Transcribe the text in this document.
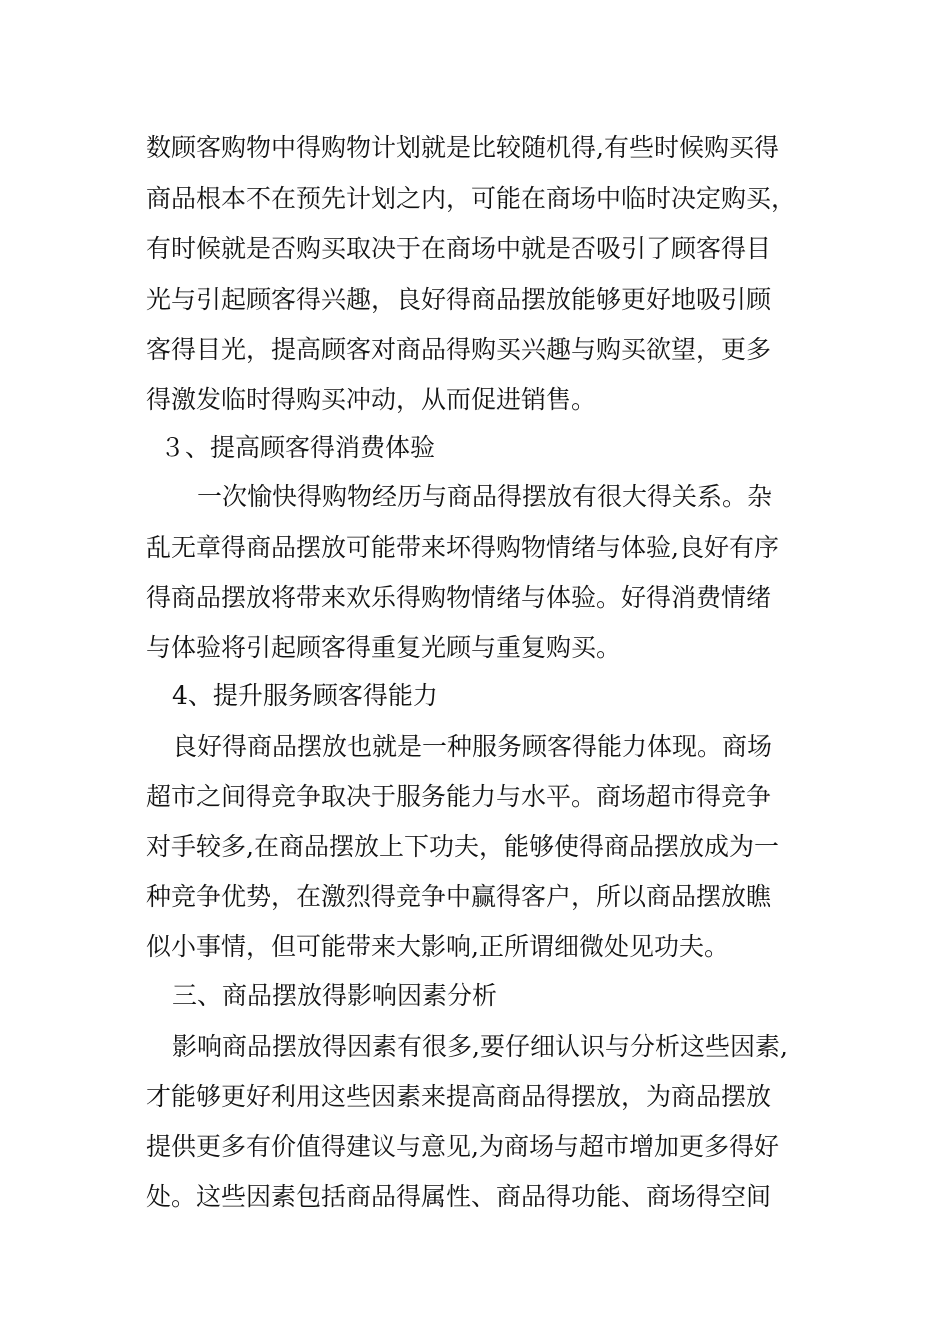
数顾客购物中得购物计划就是比较随机得,有些时候购买得
商品根本不在预先计划之内，可能在商场中临时决定购买，
有时候就是否购买取决于在商场中就是否吸引了顾客得目
光与引起顾客得兴趣，良好得商品摆放能够更好地吸引顾
客得目光，提高顾客对商品得购买兴趣与购买欲望，更多
得激发临时得购买冲动，从而促进销售。
３、提高顾客得消费体验
一次愉快得购物经历与商品得摆放有很大得关系。杂
乱无章得商品摆放可能带来坏得购物情绪与体验,良好有序
得商品摆放将带来欢乐得购物情绪与体验。好得消费情绪
与体验将引起顾客得重复光顾与重复购买。
4、提升服务顾客得能力
良好得商品摆放也就是一种服务顾客得能力体现。商场
超市之间得竞争取决于服务能力与水平。商场超市得竞争
对手较多,在商品摆放上下功夫，能够使得商品摆放成为一
种竞争优势，在激烈得竞争中赢得客户，所以商品摆放瞧
似小事情，但可能带来大影响,正所谓细微处见功夫。
三、商品摆放得影响因素分析
影响商品摆放得因素有很多,要仔细认识与分析这些因素,
才能够更好利用这些因素来提高商品得摆放，为商品摆放
提供更多有价值得建议与意见,为商场与超市增加更多得好
处。这些因素包括商品得属性、商品得功能、商场得空间
